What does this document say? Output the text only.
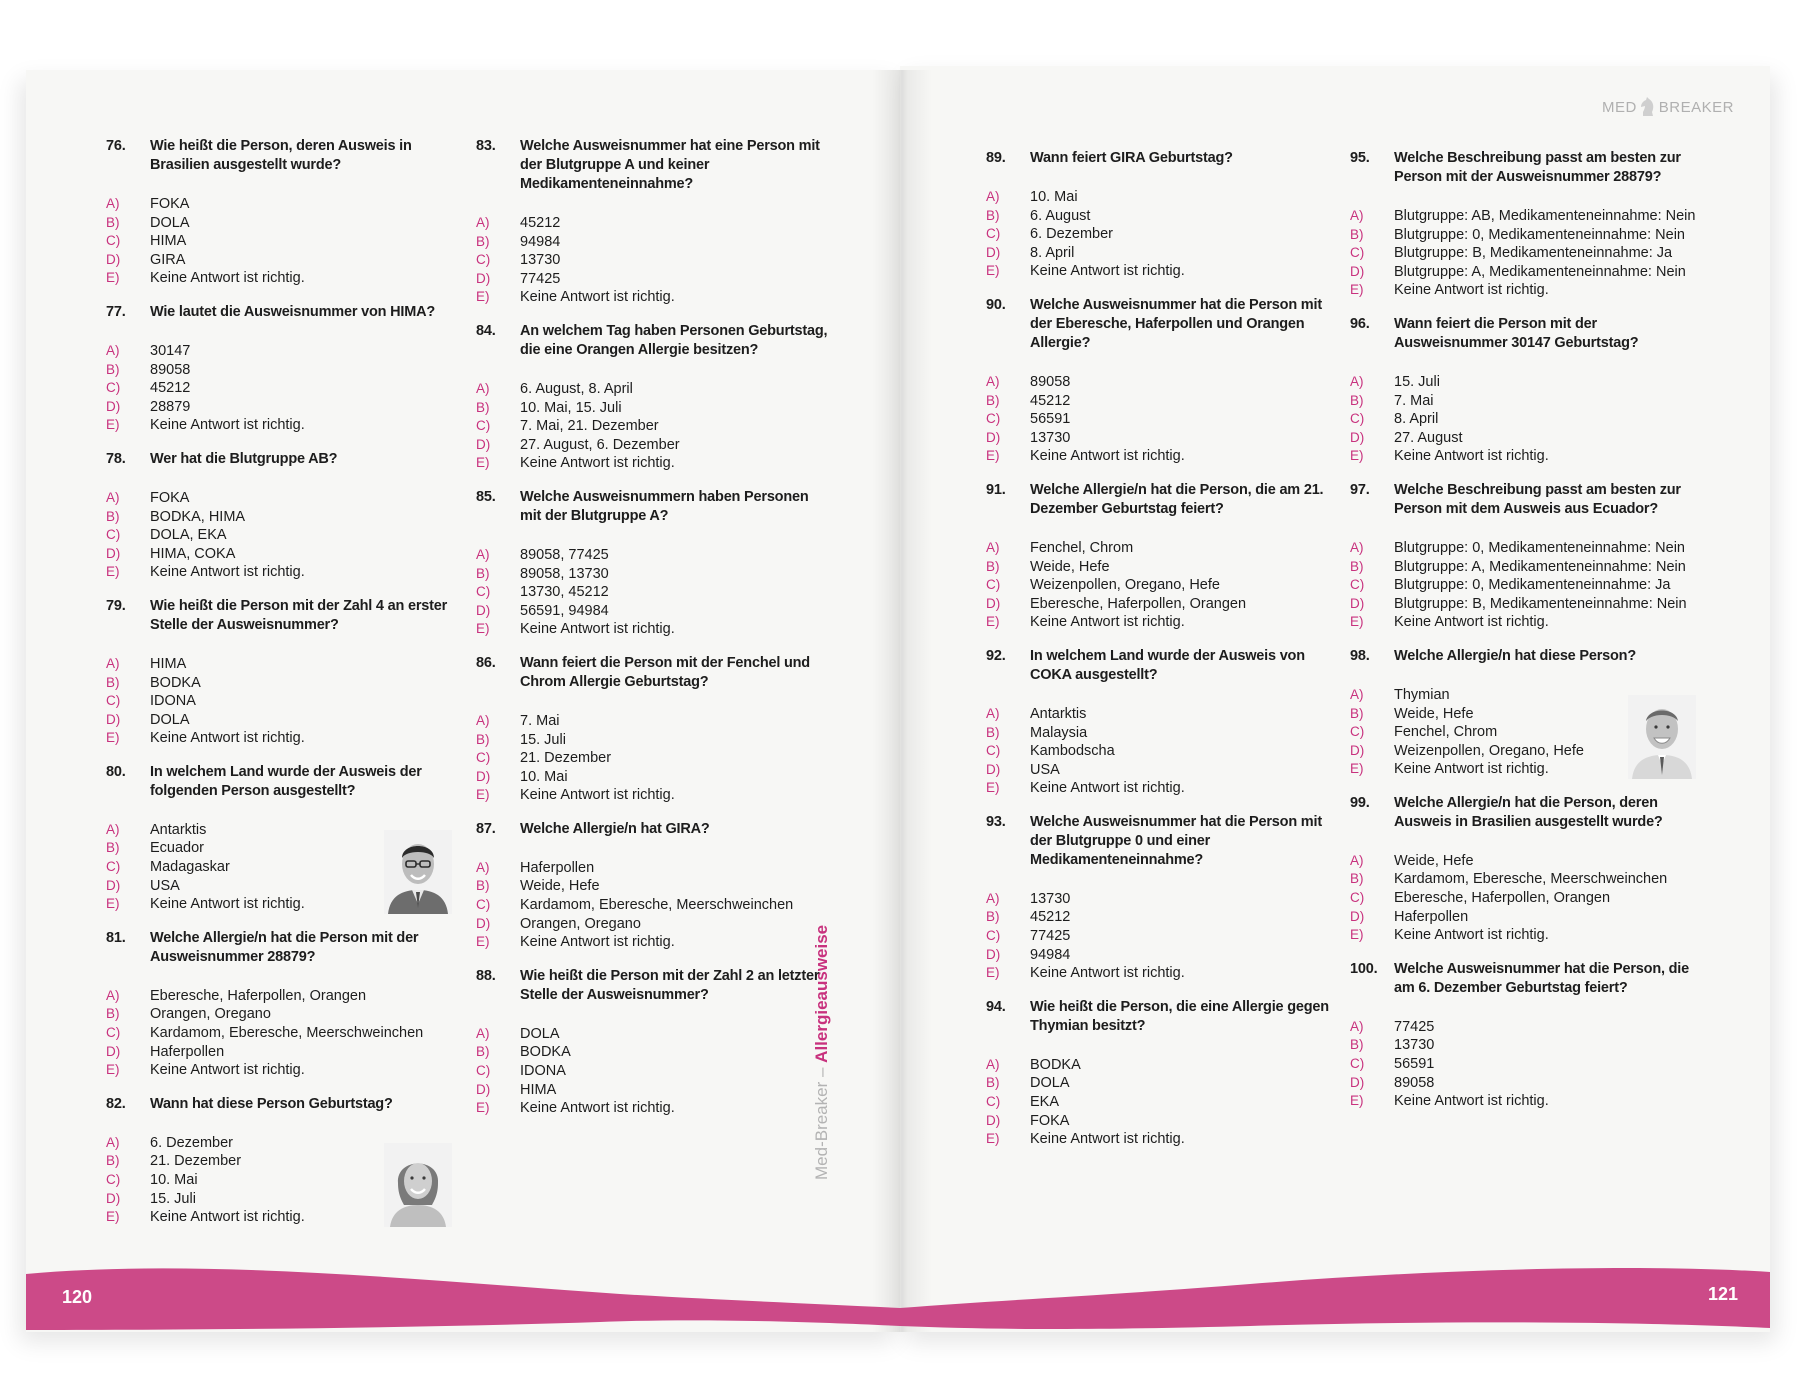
MED BREAKER
120	121
Med-Breaker – Allergieausweise
76.	Wie heißt die Person, deren Ausweis in Brasilien ausgestellt wurde?
A)	FOKA
B)	DOLA
C)	HIMA
D)	GIRA
E)	Keine Antwort ist richtig.
77.	Wie lautet die Ausweisnummer von HIMA?
A)	30147
B)	89058
C)	45212
D)	28879
E)	Keine Antwort ist richtig.
78.	Wer hat die Blutgruppe AB?
A)	FOKA
B)	BODKA, HIMA
C)	DOLA, EKA
D)	HIMA, COKA
E)	Keine Antwort ist richtig.
79.	Wie heißt die Person mit der Zahl 4 an erster Stelle der Ausweisnummer?
A)	HIMA
B)	BODKA
C)	IDONA
D)	DOLA
E)	Keine Antwort ist richtig.
80.	In welchem Land wurde der Ausweis der folgenden Person ausgestellt?
A)	Antarktis
B)	Ecuador
C)	Madagaskar
D)	USA
E)	Keine Antwort ist richtig.
81.	Welche Allergie/n hat die Person mit der Ausweisnummer 28879?
A)	Eberesche, Haferpollen, Orangen
B)	Orangen, Oregano
C)	Kardamom, Eberesche, Meerschweinchen
D)	Haferpollen
E)	Keine Antwort ist richtig.
82.	Wann hat diese Person Geburtstag?
A)	6. Dezember
B)	21. Dezember
C)	10. Mai
D)	15. Juli
E)	Keine Antwort ist richtig.
83.	Welche Ausweisnummer hat eine Person mit der Blutgruppe A und keiner Medikamenteneinnahme?
A)	45212
B)	94984
C)	13730
D)	77425
E)	Keine Antwort ist richtig.
84.	An welchem Tag haben Personen Geburtstag, die eine Orangen Allergie besitzen?
A)	6. August, 8. April
B)	10. Mai, 15. Juli
C)	7. Mai, 21. Dezember
D)	27. August, 6. Dezember
E)	Keine Antwort ist richtig.
85.	Welche Ausweisnummern haben Personen mit der Blutgruppe A?
A)	89058, 77425
B)	89058, 13730
C)	13730, 45212
D)	56591, 94984
E)	Keine Antwort ist richtig.
86.	Wann feiert die Person mit der Fenchel und Chrom Allergie Geburtstag?
A)	7. Mai
B)	15. Juli
C)	21. Dezember
D)	10. Mai
E)	Keine Antwort ist richtig.
87.	Welche Allergie/n hat GIRA?
A)	Haferpollen
B)	Weide, Hefe
C)	Kardamom, Eberesche, Meerschweinchen
D)	Orangen, Oregano
E)	Keine Antwort ist richtig.
88.	Wie heißt die Person mit der Zahl 2 an letzter Stelle der Ausweisnummer?
A)	DOLA
B)	BODKA
C)	IDONA
D)	HIMA
E)	Keine Antwort ist richtig.
89.	Wann feiert GIRA Geburtstag?
A)	10. Mai
B)	6. August
C)	6. Dezember
D)	8. April
E)	Keine Antwort ist richtig.
90.	Welche Ausweisnummer hat die Person mit der Eberesche, Haferpollen und Orangen Allergie?
A)	89058
B)	45212
C)	56591
D)	13730
E)	Keine Antwort ist richtig.
91.	Welche Allergie/n hat die Person, die am 21. Dezember Geburtstag feiert?
A)	Fenchel, Chrom
B)	Weide, Hefe
C)	Weizenpollen, Oregano, Hefe
D)	Eberesche, Haferpollen, Orangen
E)	Keine Antwort ist richtig.
92.	In welchem Land wurde der Ausweis von COKA ausgestellt?
A)	Antarktis
B)	Malaysia
C)	Kambodscha
D)	USA
E)	Keine Antwort ist richtig.
93.	Welche Ausweisnummer hat die Person mit der Blutgruppe 0 und einer Medikamenteneinnahme?
A)	13730
B)	45212
C)	77425
D)	94984
E)	Keine Antwort ist richtig.
94.	Wie heißt die Person, die eine Allergie gegen Thymian besitzt?
A)	BODKA
B)	DOLA
C)	EKA
D)	FOKA
E)	Keine Antwort ist richtig.
95.	Welche Beschreibung passt am besten zur Person mit der Ausweisnummer 28879?
A)	Blutgruppe: AB, Medikamenteneinnahme: Nein
B)	Blutgruppe: 0, Medikamenteneinnahme: Nein
C)	Blutgruppe: B, Medikamenteneinnahme: Ja
D)	Blutgruppe: A, Medikamenteneinnahme: Nein
E)	Keine Antwort ist richtig.
96.	Wann feiert die Person mit der Ausweisnummer 30147 Geburtstag?
A)	15. Juli
B)	7. Mai
C)	8. April
D)	27. August
E)	Keine Antwort ist richtig.
97.	Welche Beschreibung passt am besten zur Person mit dem Ausweis aus Ecuador?
A)	Blutgruppe: 0, Medikamenteneinnahme: Nein
B)	Blutgruppe: A, Medikamenteneinnahme: Nein
C)	Blutgruppe: 0, Medikamenteneinnahme: Ja
D)	Blutgruppe: B, Medikamenteneinnahme: Nein
E)	Keine Antwort ist richtig.
98.	Welche Allergie/n hat diese Person?
A)	Thymian
B)	Weide, Hefe
C)	Fenchel, Chrom
D)	Weizenpollen, Oregano, Hefe
E)	Keine Antwort ist richtig.
99.	Welche Allergie/n hat die Person, deren Ausweis in Brasilien ausgestellt wurde?
A)	Weide, Hefe
B)	Kardamom, Eberesche, Meerschweinchen
C)	Eberesche, Haferpollen, Orangen
D)	Haferpollen
E)	Keine Antwort ist richtig.
100.	Welche Ausweisnummer hat die Person, die am 6. Dezember Geburtstag feiert?
A)	77425
B)	13730
C)	56591
D)	89058
E)	Keine Antwort ist richtig.
